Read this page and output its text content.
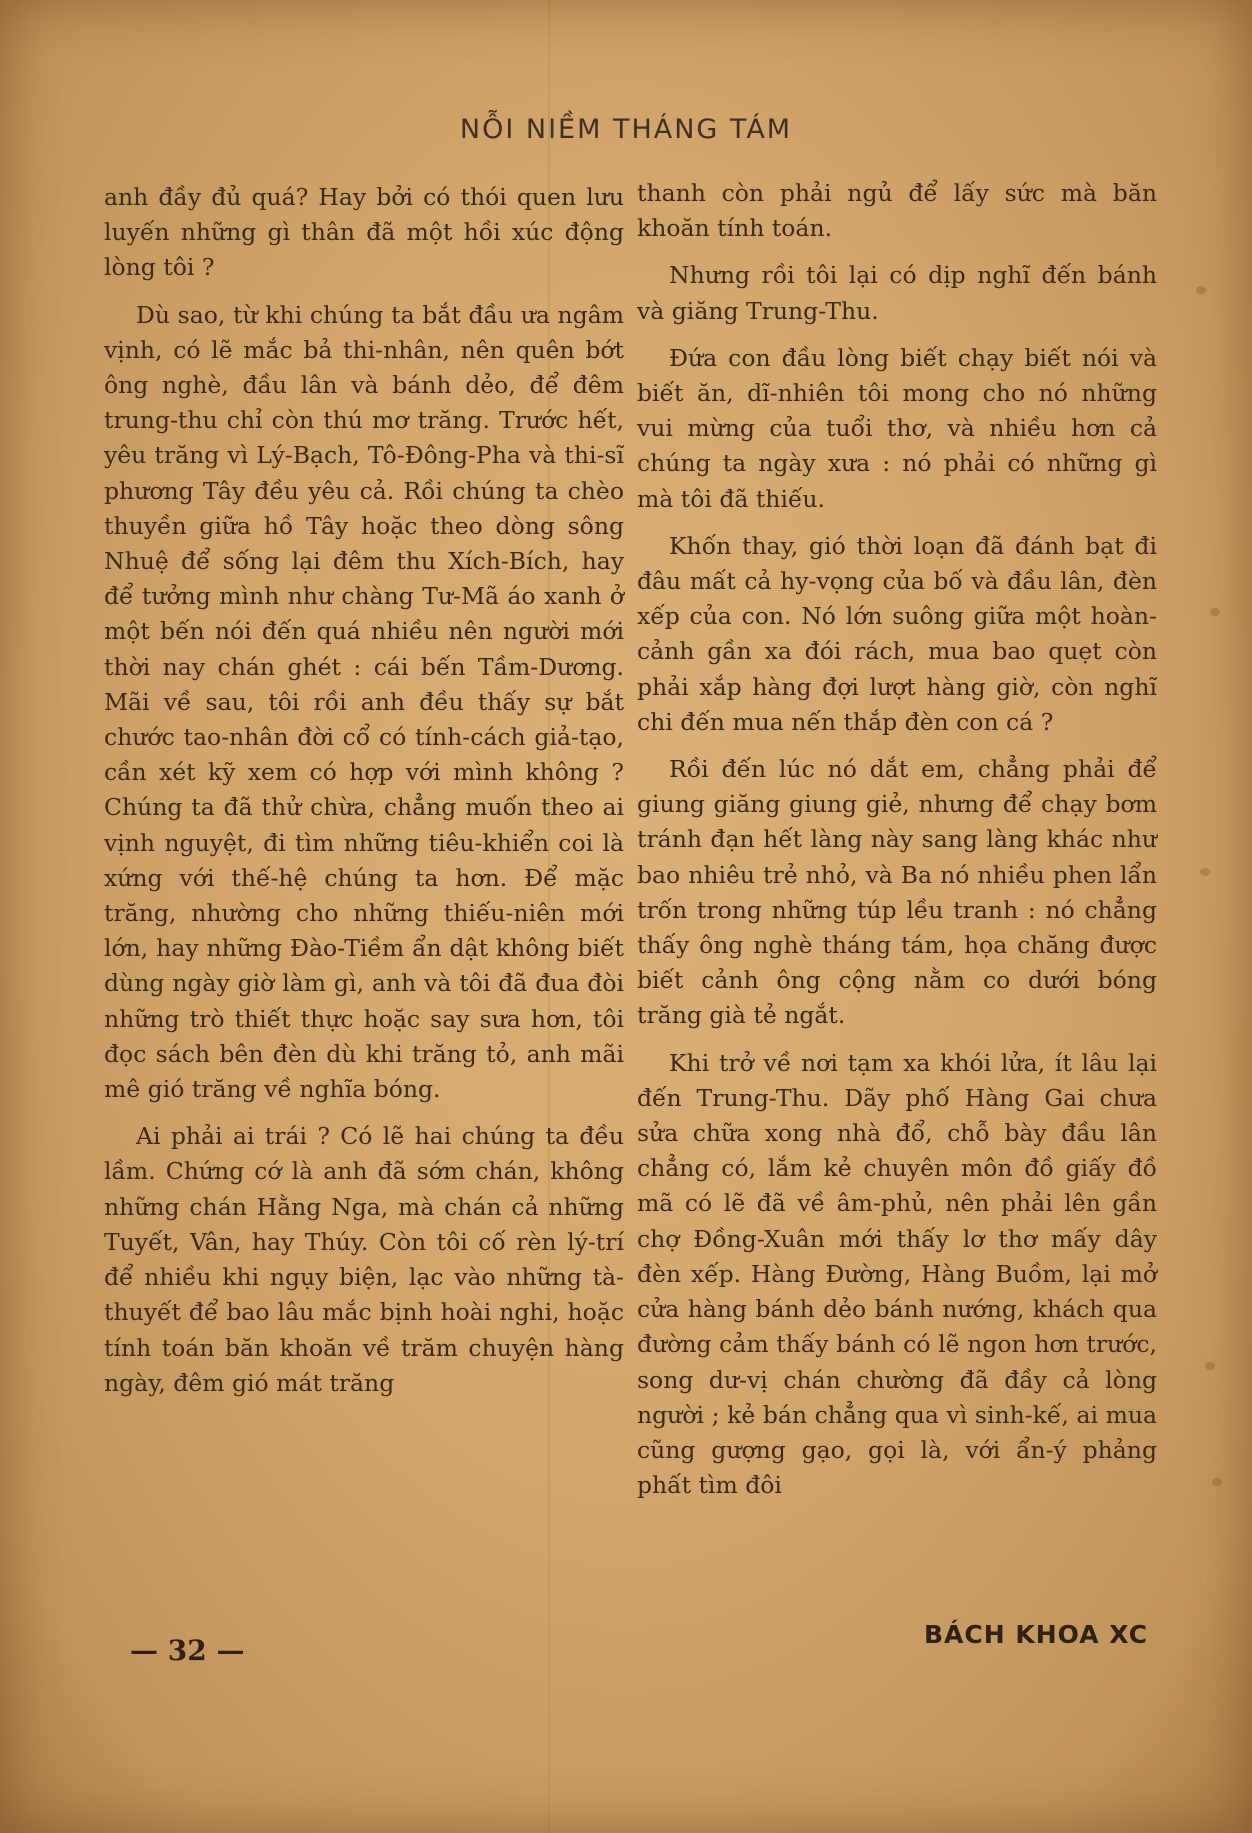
NỖI NIỀM THÁNG TÁM

anh đầy đủ quá? Hay bởi có thói quen lưu luyến những gì thân đã một hồi xúc động lòng tôi ?

Dù sao, từ khi chúng ta bắt đầu ưa ngâm vịnh, có lẽ mắc bả thi-nhân, nên quên bớt ông nghè, đầu lân và bánh dẻo, để đêm trung-thu chỉ còn thú mơ trăng. Trước hết, yêu trăng vì Lý-Bạch, Tô-Đông-Pha và thi-sĩ phương Tây đều yêu cả. Rồi chúng ta chèo thuyền giữa hồ Tây hoặc theo dòng sông Nhuệ để sống lại đêm thu Xích-Bích, hay để tưởng mình như chàng Tư-Mã áo xanh ở một bến nói đến quá nhiều nên người mới thời nay chán ghét : cái bến Tầm-Dương. Mãi về sau, tôi rồi anh đều thấy sự bắt chước tao-nhân đời cổ có tính-cách giả-tạo, cần xét kỹ xem có hợp với mình không ? Chúng ta đã thử chừa, chẳng muốn theo ai vịnh nguyệt, đi tìm những tiêu-khiển coi là xứng với thế-hệ chúng ta hơn. Để mặc trăng, nhường cho những thiếu-niên mới lớn, hay những Đào-Tiềm ẩn dật không biết dùng ngày giờ làm gì, anh và tôi đã đua đòi những trò thiết thực hoặc say sưa hơn, tôi đọc sách bên đèn dù khi trăng tỏ, anh mãi mê gió trăng về nghĩa bóng.

Ai phải ai trái ? Có lẽ hai chúng ta đều lầm. Chứng cớ là anh đã sớm chán, không những chán Hằng Nga, mà chán cả những Tuyết, Vân, hay Thúy. Còn tôi cố rèn lý-trí để nhiều khi ngụy biện, lạc vào những tà-thuyết để bao lâu mắc bịnh hoài nghi, hoặc tính toán băn khoăn về trăm chuyện hàng ngày, đêm gió mát trăng

thanh còn phải ngủ để lấy sức mà băn khoăn tính toán.

Nhưng rồi tôi lại có dịp nghĩ đến bánh và giăng Trung-Thu.

Đứa con đầu lòng biết chạy biết nói và biết ăn, dĩ-nhiên tôi mong cho nó những vui mừng của tuổi thơ, và nhiều hơn cả chúng ta ngày xưa : nó phải có những gì mà tôi đã thiếu.

Khốn thay, gió thời loạn đã đánh bạt đi đâu mất cả hy-vọng của bố và đầu lân, đèn xếp của con. Nó lớn suông giữa một hoàn-cảnh gần xa đói rách, mua bao quẹt còn phải xắp hàng đợi lượt hàng giờ, còn nghĩ chi đến mua nến thắp đèn con cá ?

Rồi đến lúc nó dắt em, chẳng phải để giung giăng giung giẻ, nhưng để chạy bơm tránh đạn hết làng này sang làng khác như bao nhiêu trẻ nhỏ, và Ba nó nhiều phen lẩn trốn trong những túp lều tranh : nó chẳng thấy ông nghè tháng tám, họa chăng được biết cảnh ông cộng nằm co dưới bóng trăng già tẻ ngắt.

Khi trở về nơi tạm xa khói lửa, ít lâu lại đến Trung-Thu. Dãy phố Hàng Gai chưa sửa chữa xong nhà đổ, chỗ bày đầu lân chẳng có, lắm kẻ chuyên môn đồ giấy đồ mã có lẽ đã về âm-phủ, nên phải lên gần chợ Đồng-Xuân mới thấy lơ thơ mấy dây đèn xếp. Hàng Đường, Hàng Buồm, lại mở cửa hàng bánh dẻo bánh nướng, khách qua đường cảm thấy bánh có lẽ ngon hơn trước, song dư-vị chán chường đã đầy cả lòng người ; kẻ bán chẳng qua vì sinh-kế, ai mua cũng gượng gạo, gọi là, với ẩn-ý phảng phất tìm đôi

— 32 —	BÁCH KHOA XC
